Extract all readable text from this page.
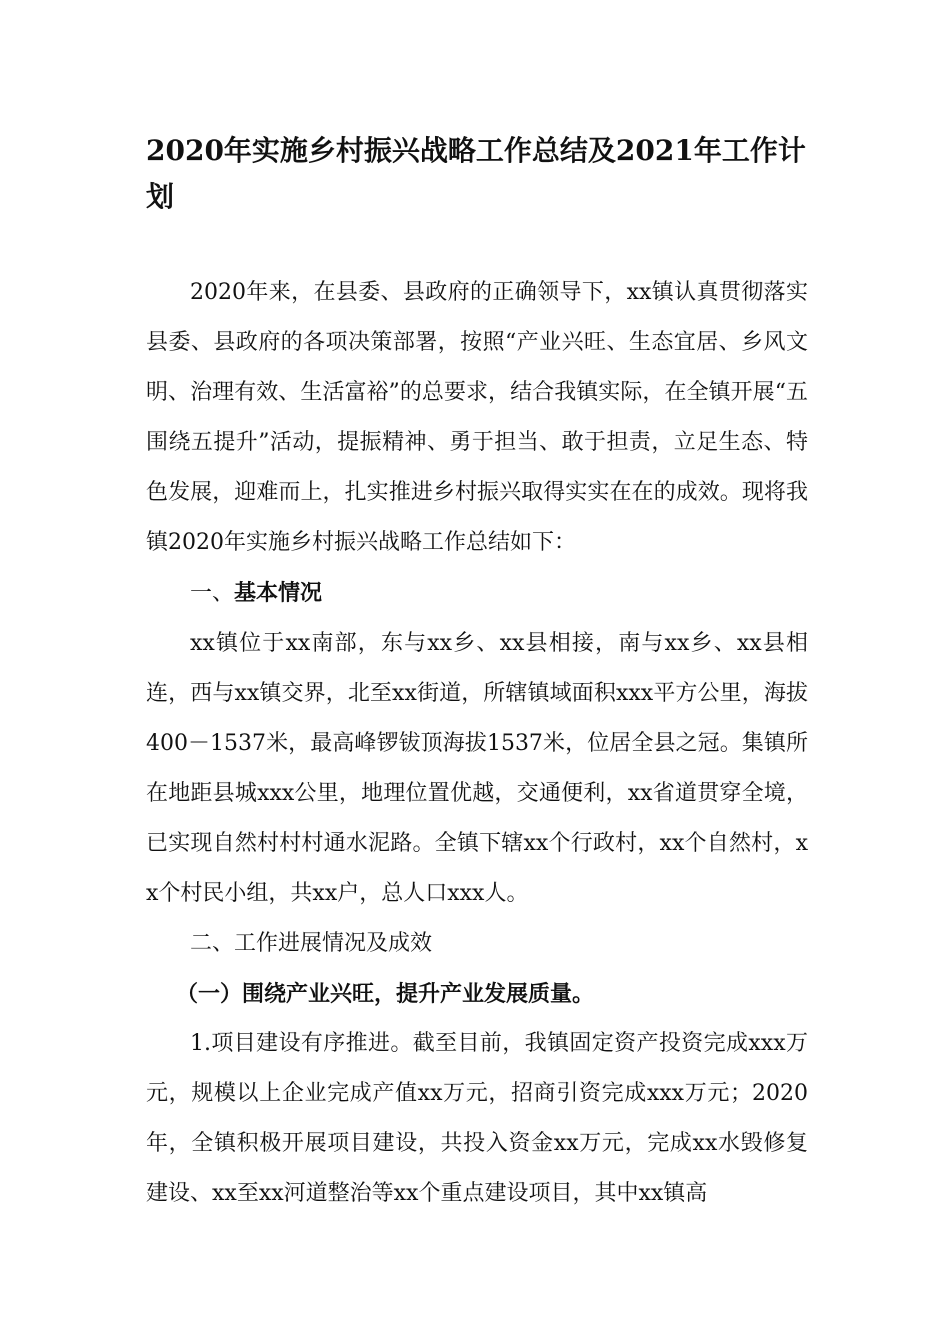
2020年实施乡村振兴战略工作总结及2021年工作计划

2020年来，在县委、县政府的正确领导下，xx镇认真贯彻落实县委、县政府的各项决策部署，按照“产业兴旺、生态宜居、乡风文明、治理有效、生活富裕”的总要求，结合我镇实际，在全镇开展“五围绕五提升”活动，提振精神、勇于担当、敢于担责，立足生态、特色发展，迎难而上，扎实推进乡村振兴取得实实在在的成效。现将我镇2020年实施乡村振兴战略工作总结如下：

一、基本情况

xx镇位于xx南部，东与xx乡、xx县相接，南与xx乡、xx县相连，西与xx镇交界，北至xx街道，所辖镇域面积xxx平方公里，海拔400－1537米，最高峰锣钹顶海拔1537米，位居全县之冠。集镇所在地距县城xxx公里，地理位置优越，交通便利，xx省道贯穿全境，已实现自然村村村通水泥路。全镇下辖xx个行政村，xx个自然村，xx个村民小组，共xx户，总人口xxx人。

二、工作进展情况及成效

（一）围绕产业兴旺，提升产业发展质量。

1.项目建设有序推进。截至目前，我镇固定资产投资完成xxx万元，规模以上企业完成产值xx万元，招商引资完成xxx万元；2020年，全镇积极开展项目建设，共投入资金xx万元，完成xx水毁修复建设、xx至xx河道整治等xx个重点建设项目，其中xx镇高
